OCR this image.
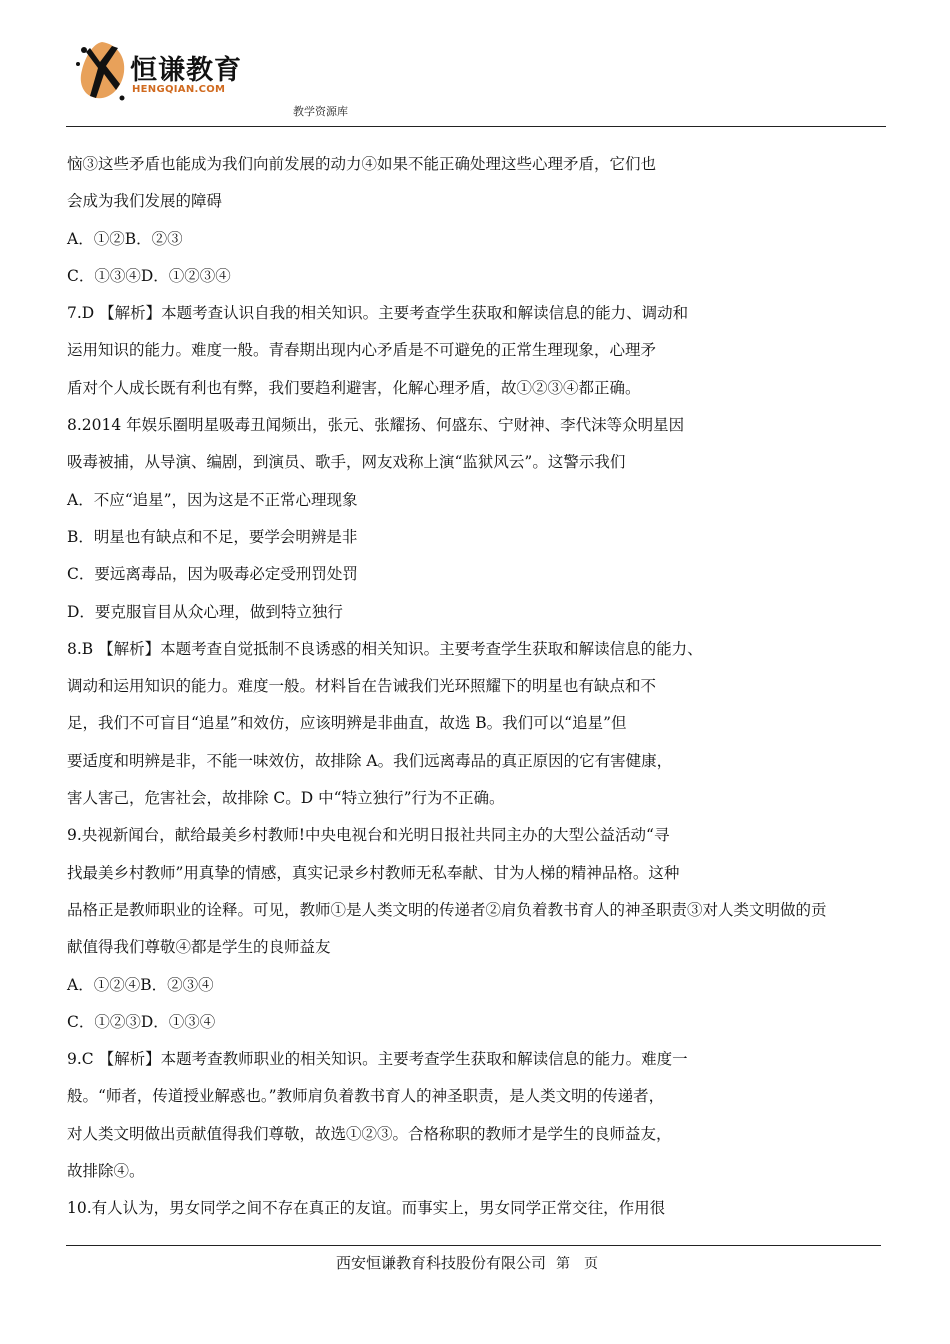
恒谦教育
HENGQIAN.COM
教学资源库
恼③这些矛盾也能成为我们向前发展的动力④如果不能正确处理这些心理矛盾，它们也
会成为我们发展的障碍
A．①②B．②③
C．①③④D．①②③④
7.D 【解析】本题考查认识自我的相关知识。主要考查学生获取和解读信息的能力、调动和
运用知识的能力。难度一般。青春期出现内心矛盾是不可避免的正常生理现象，心理矛
盾对个人成长既有利也有弊，我们要趋利避害，化解心理矛盾，故①②③④都正确。
8.2014 年娱乐圈明星吸毒丑闻频出，张元、张耀扬、何盛东、宁财神、李代沫等众明星因
吸毒被捕，从导演、编剧，到演员、歌手，网友戏称上演“监狱风云”。这警示我们
A．不应“追星”，因为这是不正常心理现象
B．明星也有缺点和不足，要学会明辨是非
C．要远离毒品，因为吸毒必定受刑罚处罚
D．要克服盲目从众心理，做到特立独行
8.B 【解析】本题考查自觉抵制不良诱惑的相关知识。主要考查学生获取和解读信息的能力、
调动和运用知识的能力。难度一般。材料旨在告诫我们光环照耀下的明星也有缺点和不
足，我们不可盲目“追星”和效仿，应该明辨是非曲直，故选 B。我们可以“追星”但
要适度和明辨是非，不能一味效仿，故排除 A。我们远离毒品的真正原因的它有害健康，
害人害己，危害社会，故排除 C。D 中“特立独行”行为不正确。
9.央视新闻台，献给最美乡村教师!中央电视台和光明日报社共同主办的大型公益活动“寻
找最美乡村教师”用真挚的情感，真实记录乡村教师无私奉献、甘为人梯的精神品格。这种
品格正是教师职业的诠释。可见，教师①是人类文明的传递者②肩负着教书育人的神圣职责③对人类文明做的贡
献值得我们尊敬④都是学生的良师益友
A．①②④B．②③④
C．①②③D．①③④
9.C 【解析】本题考查教师职业的相关知识。主要考查学生获取和解读信息的能力。难度一
般。“师者，传道授业解惑也。”教师肩负着教书育人的神圣职责，是人类文明的传递者，
对人类文明做出贡献值得我们尊敬，故选①②③。合格称职的教师才是学生的良师益友，
故排除④。
10.有人认为，男女同学之间不存在真正的友谊。而事实上，男女同学正常交往，作用很
西安恒谦教育科技股份有限公司 第　页
